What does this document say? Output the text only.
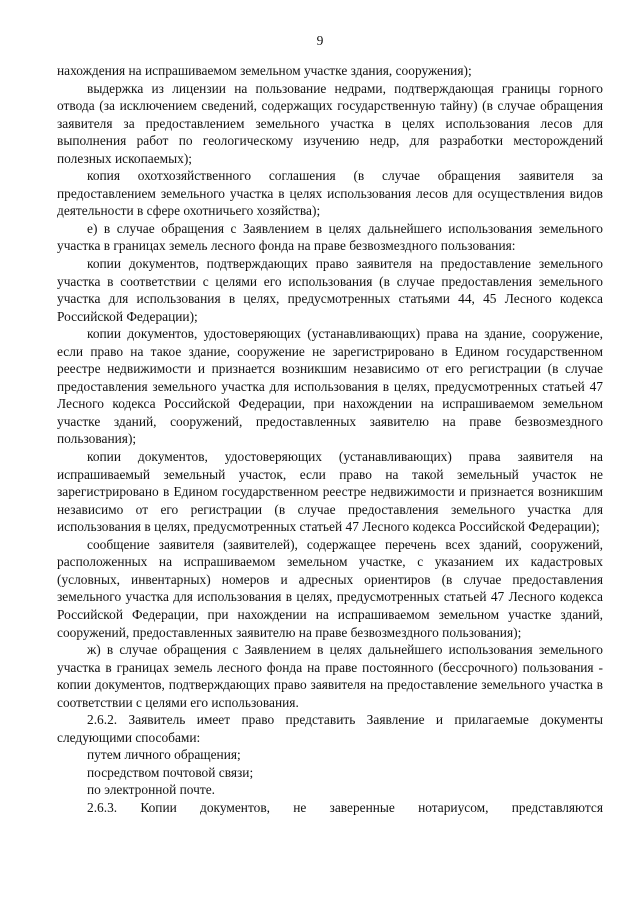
9

нахождения на испрашиваемом земельном участке здания, сооружения);

выдержка из лицензии на пользование недрами, подтверждающая границы горного отвода (за исключением сведений, содержащих государственную тайну) (в случае обращения заявителя за предоставлением земельного участка в целях использования лесов для выполнения работ по геологическому изучению недр, для разработки месторождений полезных ископаемых);

копия охотхозяйственного соглашения (в случае обращения заявителя за предоставлением земельного участка в целях использования лесов для осуществления видов деятельности в сфере охотничьего хозяйства);

е) в случае обращения с Заявлением в целях дальнейшего использования земельного участка в границах земель лесного фонда на праве безвозмездного пользования:

копии документов, подтверждающих право заявителя на предоставление земельного участка в соответствии с целями его использования (в случае предоставления земельного участка для использования в целях, предусмотренных статьями 44, 45 Лесного кодекса Российской Федерации);

копии документов, удостоверяющих (устанавливающих) права на здание, сооружение, если право на такое здание, сооружение не зарегистрировано в Едином государственном реестре недвижимости и признается возникшим независимо от его регистрации (в случае предоставления земельного участка для использования в целях, предусмотренных статьей 47 Лесного кодекса Российской Федерации, при нахождении на испрашиваемом земельном участке зданий, сооружений, предоставленных заявителю на праве безвозмездного пользования);

копии документов, удостоверяющих (устанавливающих) права заявителя на испрашиваемый земельный участок, если право на такой земельный участок не зарегистрировано в Едином государственном реестре недвижимости и признается возникшим независимо от его регистрации (в случае предоставления земельного участка для использования в целях, предусмотренных статьей 47 Лесного кодекса Российской Федерации);

сообщение заявителя (заявителей), содержащее перечень всех зданий, сооружений, расположенных на испрашиваемом земельном участке, с указанием их кадастровых (условных, инвентарных) номеров и адресных ориентиров (в случае предоставления земельного участка для использования в целях, предусмотренных статьей 47 Лесного кодекса Российской Федерации, при нахождении на испрашиваемом земельном участке зданий, сооружений, предоставленных заявителю на праве безвозмездного пользования);

ж) в случае обращения с Заявлением в целях дальнейшего использования земельного участка в границах земель лесного фонда на праве постоянного (бессрочного) пользования - копии документов, подтверждающих право заявителя на предоставление земельного участка в соответствии с целями его использования.

2.6.2. Заявитель имеет право представить Заявление и прилагаемые документы следующими способами:

путем личного обращения;

посредством почтовой связи;

по электронной почте.

2.6.3. Копии документов, не заверенные нотариусом, представляются
